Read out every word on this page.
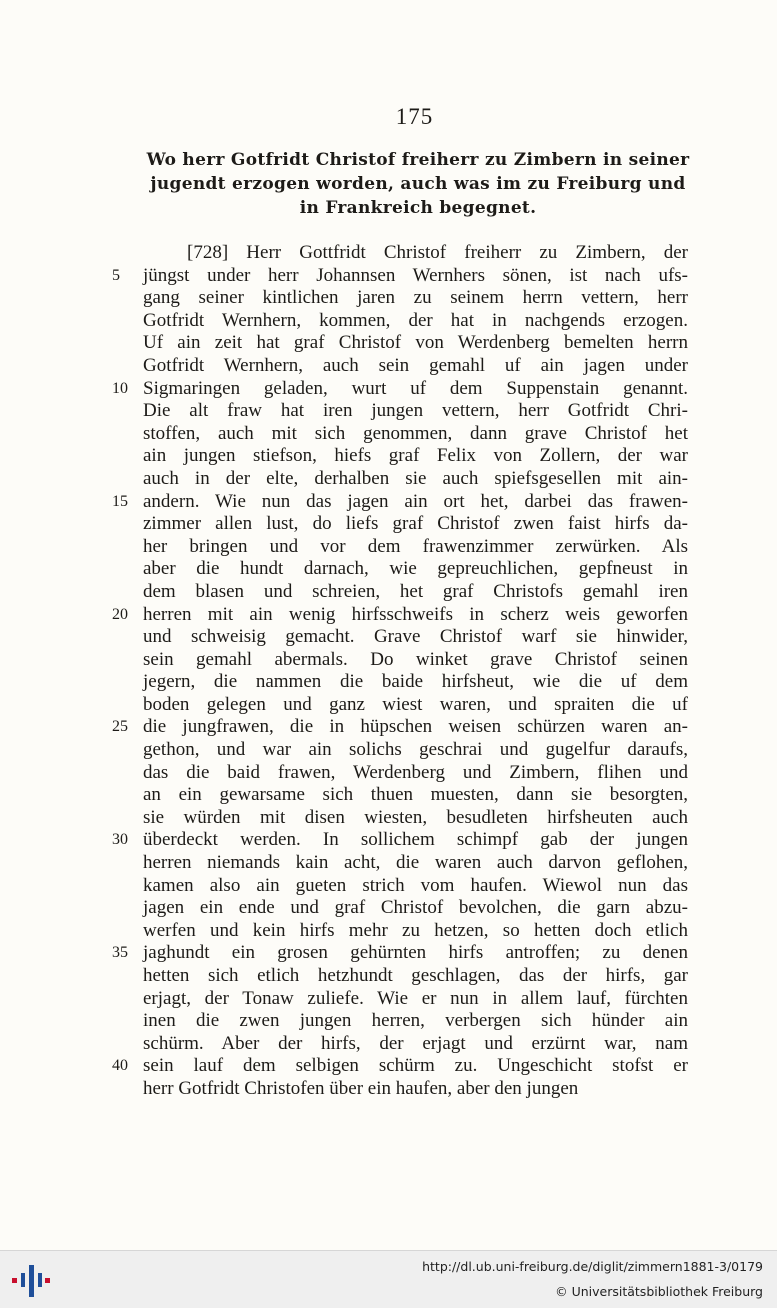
175
Wo herr Gotfridt Christof freiherr zu Zimbern in seiner
jugendt erzogen worden, auch was im zu Freiburg und
in Frankreich begegnet.
[728] Herr Gottfridt Christof freiherr zu Zimbern, der
5	jüngst under herr Johannsen Wernhers sönen, ist nach ufs-
gang seiner kintlichen jaren zu seinem herrn vettern, herr
Gotfridt Wernhern, kommen, der hat in nachgends erzogen.
Uf ain zeit hat graf Christof von Werdenberg bemelten herrn
Gotfridt Wernhern, auch sein gemahl uf ain jagen under
10 Sigmaringen geladen, wurt uf dem Suppenstain genannt.
Die alt fraw hat iren jungen vettern, herr Gotfridt Chri-
stoffen, auch mit sich genommen, dann grave Christof het
ain jungen stiefson, hiefs graf Felix von Zollern, der war
auch in der elte, derhalben sie auch spiefsgesellen mit ain-
15 andern. Wie nun das jagen ain ort het, darbei das frawen-
zimmer allen lust, do liefs graf Christof zwen faist hirfs da-
her bringen und vor dem frawenzimmer zerwürken. Als
aber die hundt darnach, wie gepreuchlichen, gepfneust in
dem blasen und schreien, het graf Christofs gemahl iren
20 herren mit ain wenig hirfsschweifs in scherz weis geworfen
und schweisig gemacht. Grave Christof warf sie hinwider,
sein gemahl abermals. Do winket grave Christof seinen
jegern, die nammen die baide hirfsheut, wie die uf dem
boden gelegen und ganz wiest waren, und spraiten die uf
25 die jungfrawen, die in hüpschen weisen schürzen waren an-
gethon, und war ain solichs geschrai und gugelfur daraufs,
das die baid frawen, Werdenberg und Zimbern, flihen und
an ein gewarsame sich thuen muesten, dann sie besorgten,
sie würden mit disen wiesten, besudleten hirfsheuten auch
30 überdeckt werden. In sollichem schimpf gab der jungen
herren niemands kain acht, die waren auch darvon geflohen,
kamen also ain gueten strich vom haufen. Wiewol nun das
jagen ein ende und graf Christof bevolchen, die garn abzu-
werfen und kein hirfs mehr zu hetzen, so hetten doch etlich
35 jaghundt ein grosen gehürnten hirfs antroffen; zu denen
hetten sich etlich hetzhundt geschlagen, das der hirfs, gar
erjagt, der Tonaw zuliefe. Wie er nun in allem lauf, fürchten
inen die zwen jungen herren, verbergen sich hünder ain
schürm. Aber der hirfs, der erjagt und erzürnt war, nam
40 sein lauf dem selbigen schürm zu. Ungeschicht stofst er
herr Gotfridt Christofen über ein haufen, aber den jungen
http://dl.ub.uni-freiburg.de/diglit/zimmern1881-3/0179
© Universitätsbibliothek Freiburg
